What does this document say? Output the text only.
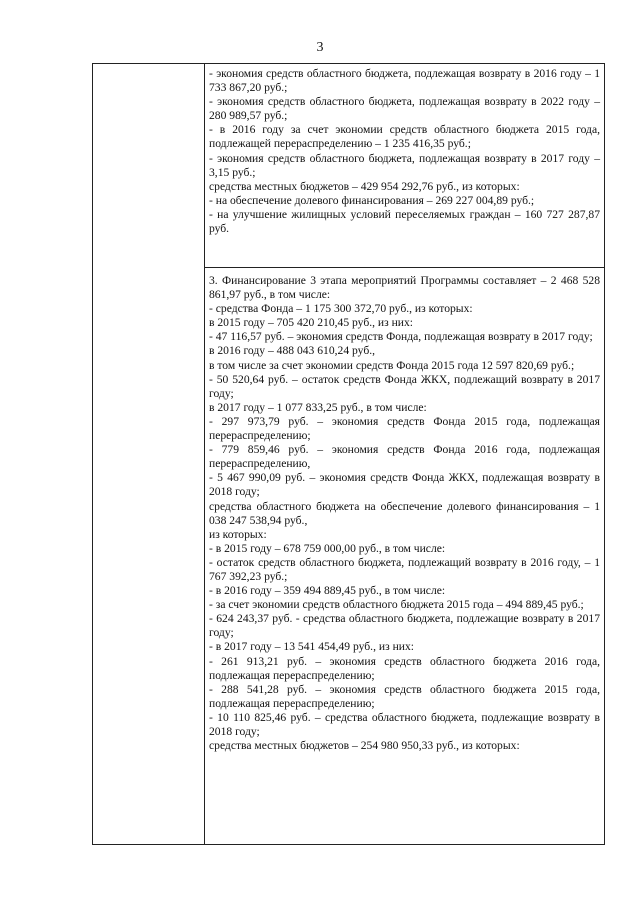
3

- экономия средств областного бюджета, подлежащая возврату в 2016 году – 1 733 867,20 руб.;

- экономия средств областного бюджета, подлежащая возврату в 2022 году – 280 989,57 руб.;

- в 2016 году за счет экономии средств областного бюджета 2015 года, подлежащей перераспределению – 1 235 416,35 руб.;

- экономия средств областного бюджета, подлежащая возврату в 2017 году – 3,15 руб.;

средства местных бюджетов – 429 954 292,76 руб., из которых:

- на обеспечение долевого финансирования – 269 227 004,89 руб.;

- на улучшение жилищных условий переселяемых граждан – 160 727 287,87 руб.

3. Финансирование 3 этапа мероприятий Программы составляет – 2 468 528 861,97 руб., в том числе:

- средства Фонда – 1 175 300 372,70 руб., из которых:

в 2015 году – 705 420 210,45 руб., из них:

- 47 116,57 руб. – экономия средств Фонда, подлежащая возврату в 2017 году;

в 2016 году – 488 043 610,24 руб.,

в том числе за счет экономии средств Фонда 2015 года 12 597 820,69 руб.;

- 50 520,64 руб. – остаток средств Фонда ЖКХ, подлежащий возврату в 2017 году;

в 2017 году – 1 077 833,25 руб., в том числе:

- 297 973,79 руб. – экономия средств Фонда 2015 года, подлежащая перераспределению;

- 779 859,46 руб. – экономия средств Фонда 2016 года, подлежащая перераспределению,

- 5 467 990,09 руб. – экономия средств Фонда ЖКХ, подлежащая возврату в 2018 году;

средства областного бюджета на обеспечение долевого финансирования – 1 038 247 538,94 руб.,

из которых:

- в 2015 году – 678 759 000,00 руб., в том числе:

- остаток средств областного бюджета, подлежащий возврату в 2016 году, – 1 767 392,23 руб.;

- в 2016 году – 359 494 889,45 руб., в том числе:

- за счет экономии средств областного бюджета 2015 года – 494 889,45 руб.;

- 624 243,37 руб. - средства областного бюджета, подлежащие возврату в 2017 году;

- в 2017 году – 13 541 454,49 руб., из них:

- 261 913,21 руб. – экономия средств областного бюджета 2016 года, подлежащая перераспределению;

- 288 541,28 руб. – экономия средств областного бюджета 2015 года, подлежащая перераспределению;

- 10 110 825,46 руб. – средства областного бюджета, подлежащие возврату в 2018 году;

средства местных бюджетов – 254 980 950,33 руб., из которых:
